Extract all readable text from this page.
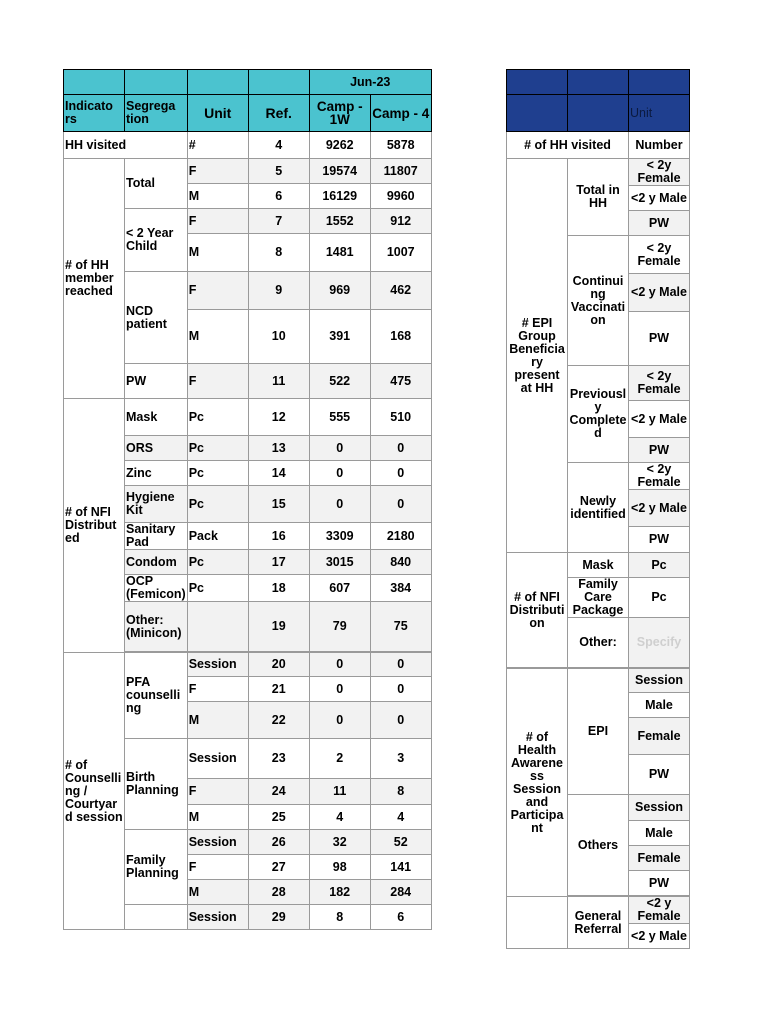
				Jun-23	
Indicato rs	Segrega tion	Unit	Ref.	Camp - 1W	Camp - 4
HH visited		#	4	9262	5878
# of HH member reached	Total	F	5	19574	11807
		M	6	16129	9960
	< 2 Year Child	F	7	1552	912
		M	8	1481	1007
	NCD patient	F	9	969	462
		M	10	391	168
	PW	F	11	522	475
# of NFI Distribut ed	Mask	Pc	12	555	510
	ORS	Pc	13	0	0
	Zinc	Pc	14	0	0
	Hygiene Kit	Pc	15	0	0
	Sanitary Pad	Pack	16	3309	2180
	Condom	Pc	17	3015	840
	OCP (Femicon)	Pc	18	607	384
	Other: (Minicon)		19	79	75

# of Counselli ng / Courtyar d session	PFA counselli ng	Session	20	0	0
		F	21	0	0
		M	22	0	0
	Birth Planning	Session	23	2	3
		F	24	11	8
		M	25	4	4
	Family Planning	Session	26	32	52
		F	27	98	141
		M	28	182	284
		Session	29	8	6

		Unit
# of HH visited		Number
# EPI Group Beneficia ry present at HH	Total in HH	< 2y Female
		<2 y Male
		PW
	Continui ng Vaccinati on	< 2y Female
		<2 y Male
		PW
	Previousl y Complete d	< 2y Female
		<2 y Male
		PW
	Newly identified	< 2y Female
		<2 y Male
		PW
# of NFI Distributi on	Mask	Pc
	Family Care Package	Pc
	Other:	Specify

# of Health Awarene ss Session and Participa nt	EPI	Session
		Male
		Female
		PW
	Others	Session
		Male
		Female
		PW

	General Referral	<2 y Female
		<2 y Male
